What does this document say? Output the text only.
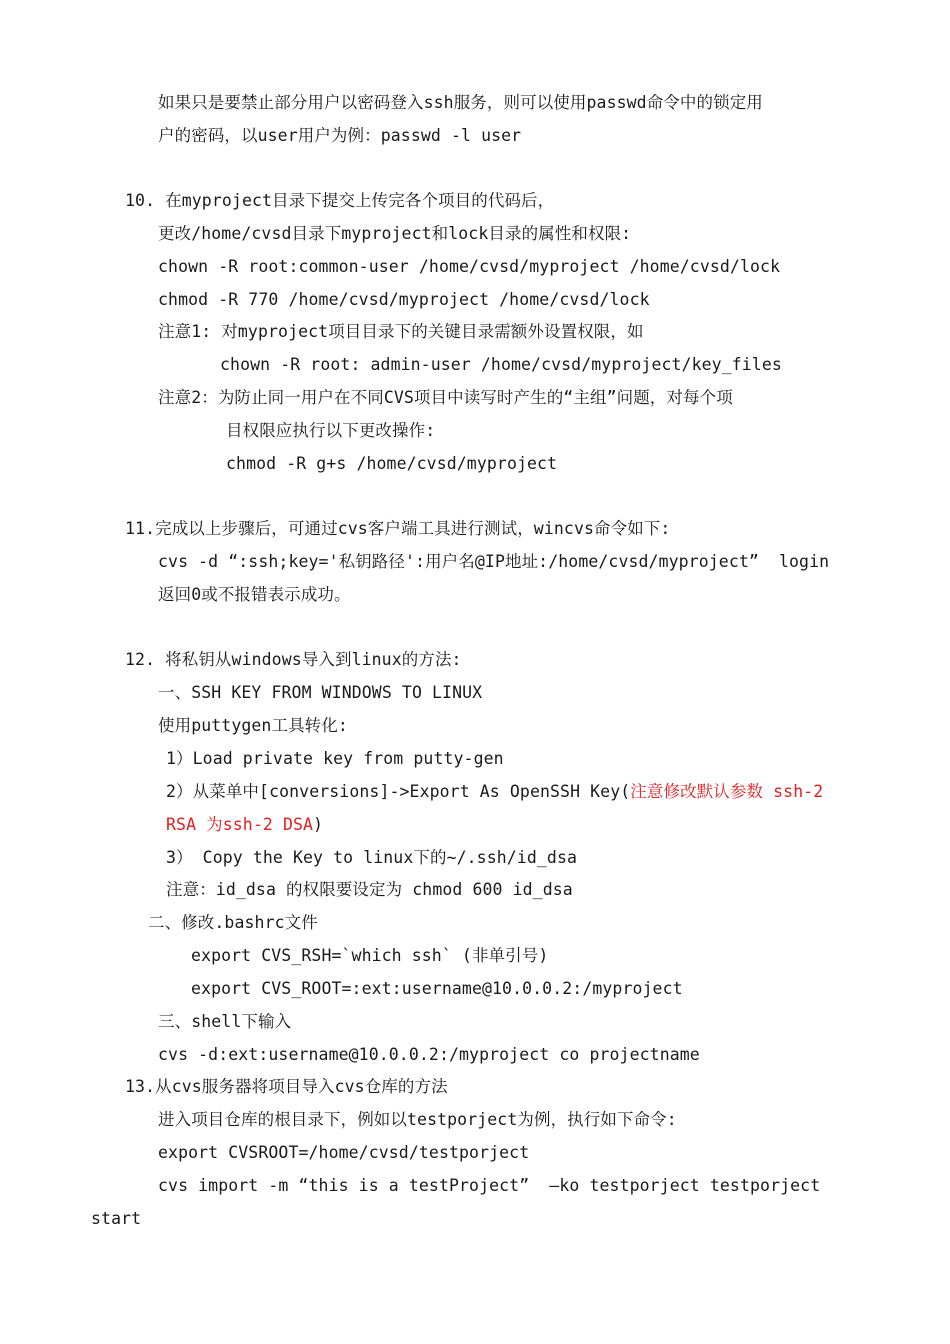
如果只是要禁止部分用户以密码登入ssh服务，则可以使用passwd命令中的锁定用
户的密码，以user用户为例：passwd -l user
10. 在myproject目录下提交上传完各个项目的代码后，
更改/home/cvsd目录下myproject和lock目录的属性和权限:
chown -R root:common-user /home/cvsd/myproject /home/cvsd/lock
chmod -R 770 /home/cvsd/myproject /home/cvsd/lock
注意1: 对myproject项目目录下的关键目录需额外设置权限，如
chown -R root: admin-user /home/cvsd/myproject/key_files
注意2：为防止同一用户在不同CVS项目中读写时产生的“主组”问题，对每个项
目权限应执行以下更改操作:
chmod -R g+s /home/cvsd/myproject
11.完成以上步骤后，可通过cvs客户端工具进行测试，wincvs命令如下:
cvs -d “:ssh;key='私钥路径':用户名@IP地址:/home/cvsd/myproject”  login
返回0或不报错表示成功。
12. 将私钥从windows导入到linux的方法:
一、SSH KEY FROM WINDOWS TO LINUX
使用puttygen工具转化:
1）Load private key from putty-gen
2）从菜单中[conversions]->Export As OpenSSH Key(注意修改默认参数 ssh-2
RSA 为ssh-2 DSA)
3） Copy the Key to linux下的~/.ssh/id_dsa
注意：id_dsa 的权限要设定为 chmod 600 id_dsa
二、修改.bashrc文件
export CVS_RSH=`which ssh` (非单引号)
export CVS_ROOT=:ext:username@10.0.0.2:/myproject
三、shell下输入
cvs -d:ext:username@10.0.0.2:/myproject co projectname
13.从cvs服务器将项目导入cvs仓库的方法
进入项目仓库的根目录下，例如以testporject为例，执行如下命令:
export CVSROOT=/home/cvsd/testporject
cvs import -m “this is a testProject”  –ko testporject testporject
start
